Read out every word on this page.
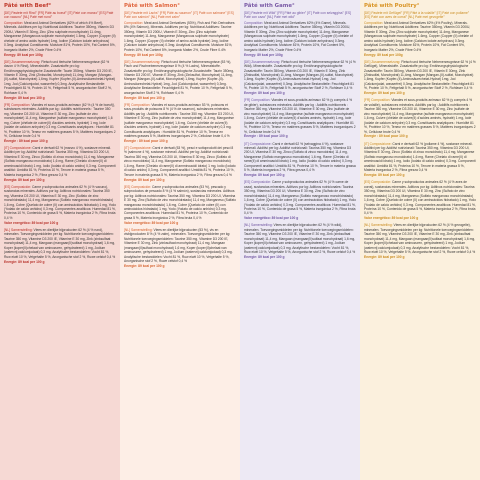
Pâté with Beef°
[DE] Pastete mit Rind° [FR] Pâté au boeuf° [IT] Patè con manzo° [ES] Paté con vacuno° [NL] Paté met rund°
Composition: Meat and Animal Derivatives (62% of which 4% Beef), Minerals. Additives per kg: Nutritional Additives: Taurine 350mg, Vitamin D3 200IU, Vitamin E 30mg, Zinc (Zinc sulphate monohydrate) 11.4mg, Manganese (Manganous sulphate monohydrate) 1.6mg, Copper (Copper (II) chelate of amino acids hydrate) 1mg, Iodine (Calcium iodate anhydrous) 0.3mg. Analytical Constituents: Moisture 81%, Protein 10%, Fat Content 5%, Inorganic Matter 2%, Crude Fibre 0.4%
Energy: 89 kcal per 100g
[DE] Zusammensetzung: Fleisch und tierische Nebenerzeugnisse (62 % davon 4 % Rind), Mineralstoffe. Zusatzstoffe pro kg: Ernährungsphysiologische Zusatzstoffe: Taurin 350mg, Vitamin D3 200 IE, Vitamin E 30mg, Zink (Zinksulfat, Monohydrat) 11,4mg, Mangan (Mangan-(II)-sulfat, Monohydrat) 1,6mg, Kupfer (Kupfer-(II)-Aminosäurechelat-Hydrat) 1mg, Jod (Calciumjodat, wasserfrei) 0,3mg. Analytische Bestandteile: Feuchtigkeit 81 %, Protein 10 %, Fettgehalt 5 %, anorganischer Stoff 2 %, Rohfaser 0,4 %
Energie: 89 kcal pro 100 g
[FR] Composition: Viandes et sous-produits animaux (62 % (4 % de boeuf)), substances minérales. Additifs par kg : Additifs nutritionnels : Taurine 350 mg, Vitamine D3 200 UI, Vitamine E 30 mg, Zinc (sulfate de zinc monohydraté) 11,4 mg, Manganèse (sulfate manganeux monohydraté) 1,6 mg, Cuivre (chélate de cuivre(II) d'acides aminés, hydraté) 1 mg, Iode (iodate de calcium anhydre) 0,3 mg. Constituants analytiques : Humidité 81 %, Protéine 10 %, Teneur en matières grasses 5 %, Matières inorganiques 2 %, Cellulose brute 0,4 %
Énergie : 89 kcal pour 100 g
[IT] Composizione: Carni e derivati 62 % (manzo 4 %), sostanze minerali. Additivi per kg: Additivi nutrizionali: Taurina 350 mg, Vitamina D3 200 UI, Vitamina E 30 mg, Zinco (Solfato di zinco monoidrato) 11,4 mg, Manganese (Solfato manganoso monoidrato) 1,6 mg, Rame (Chelato di rame(II) di amminoacidi idrato) 1 mg, Iodio (Iodato di calcio anidro) 0,3 mg. Componenti analitici: Umidità 81 %, Proteina 10 %, Tenore in materia grassa 5 %, Materia inorganica 2 %, Fibra grezza 0,4 %
Energia: 89 kcal per 100 g
[ES] Composición: Carne y subproductos animales 62 % (4 % vacuno), sustancias minerales. Aditivos por kg: Aditivos nutricionales: Taurina 350 mg, Vitamina D3 200 UI, Vitamina E 30 mg, Zinc (Sulfato de zinc monohidratado) 11,4 mg, Manganeso (Sulfato manganoso monohidratado) 1,6 mg, Cobre (Quelato de cobre (II) con aminoácidos hidratado) 1 mg, Yodo (Yodato de calcio anhidro) 0,3 mg. Componentes analíticos: Humedad 81 %, Proteína 10 %, Contenido de grasa 5 %, Materia inorgánica 2 %, Fibra bruta 0,4 %
Valor energético: 89 kcal por 100 g
[NL] Samenstelling: Vlees en dierlijke bijproducten 62 % (4 % rund), mineralen. Toevoegingsmiddelen per kg: Nutritionele toevoegingsmiddelen: Taurine 350 mg, Vitamine D3 200 IE, Vitamine E 30 mg, Zink (zinksulfaat monohydraat) 11,4 mg, Mangaan (mangaan(II)sulfaat monohydraat) 1,6 mg, Koper (koper(II)chelaat van aminozuren, gehydrateerd) 1 mg, Jodium (watervrij calciumjodaat) 0,3 mg. Analytische bestanddelen: Vocht 81 %, Ruw eiwit 10 %, Vetgehalte 5 %, Anorganische stof 2 %, Ruwe celstof 0,4 %
Energie: 89 kcal per 100 g
Pâté with Salmon°
[DE] Pastete mit Lachs° [FR] Pâté au saumon° [IT] Patè con salmone° [ES] Paté con salmón° [NL] Paté met zalm°
Composition: Meat and Animal Derivatives (53%), Fish and Fish Derivatives 8% (4% Salmon), Minerals. Additives per kg: Nutritional Additives: Taurine 350mg, Vitamin D3 200IU, Vitamin E 30mg, Zinc (Zinc sulphate monohydrate) 11.4mg, Manganese (Manganous sulphate monohydrate) 1.6mg, Copper (Copper (II) chelate of amino acids hydrate) 1mg, Iodine (Calcium iodate anhydrous) 0.3mg. Analytical Constituents: Moisture 81%, Protein 10%, Fat Content 5%, Inorganic Matter 2%, Crude Fibre 0.4%
Energy: 89 kcal per 100g
[DE] Zusammensetzung: Fleisch und tierische Nebenerzeugnisse (53 %), Fisch und Fischnebenerzeugnisse 8 % (4 % Lachs), Mineralstoffe. Zusatzstoffe pro kg: Ernährungsphysiologische Zusatzstoffe: Taurin 350mg, Vitamin D3 200 IE, Vitamin E 30mg, Zink (Zinksulfat, Monohydrat) 11,4mg, Mangan (Mangan-(II)-sulfat, Monohydrat) 1,6mg, Kupfer (Kupfer-(II)-Aminosäurechelat-Hydrat) 1mg, Jod (Calciumjodat, wasserfrei) 0,3mg. Analytische Bestandteile: Feuchtigkeit 81 %, Protein 10 %, Fettgehalt 5 %, anorganischer Stoff 2 %, Rohfaser 0,4 %
Energie: 89 kcal pro 100 g
[FR] Composition: Viandes et sous-produits animaux 53 %, poissons et sous-produits de poissons 8 % (4 % de saumon), substances minérales. Additifs par kg : Additifs nutritionnels : Taurine 350 mg, Vitamine D3 200 UI, Vitamine E 30 mg, Zinc (sulfate de zinc monohydraté) 11,4 mg, Manganèse (sulfate manganeux monohydraté) 1,6 mg, Cuivre (chélate de cuivre(II) d'acides aminés, hydraté) 1 mg, Iode (iodate de calcium anhydre) 0,3 mg. Constituants analytiques : Humidité 81 %, Protéine 10 %, Teneur en matières grasses 5 %, Matières inorganiques 2 %, Cellulose brute 0,4 %
Énergie : 89 kcal pour 100 g
[IT] Composizione: Carni e derivati (53 %), pesci e sottoprodotti dei pesci 8 % (salmone 4 %), sostanze minerali. Additivi per kg: Additivi nutrizionali: Taurina 350 mg, Vitamina D3 200 UI, Vitamina E 30 mg, Zinco (Solfato di zinco monoidrato) 11,4 mg, Manganese (Solfato manganoso monoidrato) 1,6 mg, Rame (Chelato di rame(II) di amminoacidi idrato) 1 mg, Iodio (Iodato di calcio anidro) 0,3 mg. Componenti analitici: Umidità 81 %, Proteina 10 %, Tenore in materia grassa 5 %, Materia inorganica 2 %, Fibra grezza 0,4 %
Energia: 89 kcal per 100 g
[ES] Composición: Carne y subproductos animales (53 %), pescado y subproductos de pescado 8 % (4 % salmón), sustancias minerales. Aditivos por kg: Aditivos nutricionales: Taurina 350 mg, Vitamina D3 200 UI, Vitamina E 30 mg, Zinc (Sulfato de zinc monohidratado) 11,4 mg, Manganeso (Sulfato manganoso monohidratado) 1,6 mg, Cobre (Quelato de cobre (II) con aminoácidos hidratado) 1 mg, Yodo (Yodato de calcio anhidro) 0,3 mg. Componentes analíticos: Humedad 81 %, Proteína 10 %, Contenido de grasa 5 %, Materia inorgánica 2 %, Fibra bruta 0,4 %
Valor energético: 89 kcal por 100 g
[NL] Samenstelling: Vlees en dierlijke bijproducten (53 %), vis en visbijproducten 8 % (4 % zalm), mineralen. Toevoegingsmiddelen per kg: Nutritionele toevoegingsmiddelen: Taurine 350 mg, Vitamine D3 200 IE, Vitamine E 30 mg, Zink (zinksulfaat monohydraat) 11,4 mg, Mangaan (mangaan(II)sulfaat monohydraat) 1,6 mg, Koper (koper(II)chelaat van aminozuren, gehydrateerd) 1 mg, Jodium (watervrij calciumjodaat) 0,3 mg. Analytische bestanddelen: Vocht 81 %, Ruw eiwit 10 %, Vetgehalte 5 %, Anorganische stof 2 %, Ruwe celstof 0,4 %
Energie: 89 kcal per 100 g
Pâté with Game°
[DE] Pastete mit Wild° [FR] Pâté au gibier° [IT] Patè con selvaggina° [ES] Paté con caza° [NL] Paté met wild°
Composition: Meat and Animal Derivatives 62% (4% Game), Minerals. Additives per kg: Nutritional Additives: Taurine 350mg, Vitamin D3 200IU, Vitamin E 30mg, Zinc (Zinc sulphate monohydrate) 11.4mg, Manganese (Manganous sulphate monohydrate) 1.6mg, Copper (Copper (II) chelate of amino acids hydrate) 1mg, Iodine (Calcium iodate anhydrous) 0.3mg. Analytical Constituents: Moisture 81%, Protein 10%, Fat Content 5%, Inorganic Matter 2%, Crude Fibre 0.4%
Energy: 89 kcal per 100g
[DE] Zusammensetzung: Fleisch und tierische Nebenerzeugnisse 62 % (4 % Wild), Mineralstoffe. Zusatzstoffe pro kg: Ernährungsphysiologische Zusatzstoffe: Taurin 350mg, Vitamin D3 200 IE, Vitamin E 30mg, Zink (Zinksulfat, Monohydrat) 11,4mg, Mangan (Mangan-(II)-sulfat, Monohydrat) 1,6mg, Kupfer (Kupfer-(II)-Aminosäurechelat-Hydrat) 1mg, Jod (Calciumjodat, wasserfrei) 0,3mg. Analytische Bestandteile: Feuchtigkeit 81 %, Protein 10 %, Fettgehalt 5 %, anorganischer Stoff 2 %, Rohfaser 0,4 %
Energie: 89 kcal pro 100 g
[FR] Composition: Viandes et sous-produits animaux 62 % (y compris 4 % de gibier), substances minérales. Additifs par kg : Additifs nutritionnels : Taurine 350 mg, Vitamine D3 200 UI, Vitamine E 30 mg, Zinc (sulfate de zinc monohydraté) 11,4 mg, Manganèse (sulfate manganeux monohydraté) 1,6 mg, Cuivre (chélate de cuivre(II) d'acides aminés, hydraté) 1 mg, Iode (iodate de calcium anhydre) 0,3 mg. Constituants analytiques : Humidité 81 %, Protéine 10 %, Teneur en matières grasses 5 %, Matières inorganiques 2 %, Cellulose brute 0,4 %
Énergie : 89 kcal pour 100 g
[IT] Composizione: Carni e derivati 62 % (selvaggina 4 %), sostanze minerali. Additivi per kg: Additivi nutrizionali: Taurina 350 mg, Vitamina D3 200 UI, Vitamina E 30 mg, Zinco (Solfato di zinco monoidrato) 11,4 mg, Manganese (Solfato manganoso monoidrato) 1,6 mg, Rame (Chelato di rame(II) di amminoacidi idrato) 1 mg, Iodio (Iodato di calcio anidro) 0,3 mg. Componenti analitici: Umidità 81 %, Proteina 10 %, Tenore in materia grassa 5 %, Materia inorganica 2 %, Fibra grezza 0,4 %
Energia: 89 kcal per 100 g
[ES] Composición: Carne y subproductos animales 62 % (4 % carne de caza), sustancias minerales. Aditivos por kg: Aditivos nutricionales: Taurina 350 mg, Vitamina D3 200 UI, Vitamina E 30 mg, Zinc (Sulfato de zinc monohidratado) 11,4 mg, Manganeso (Sulfato manganoso monohidratado) 1,6 mg, Cobre (Quelato de cobre (II) con aminoácidos hidratado) 1 mg, Yodo (Yodato de calcio anhidro) 0,3 mg. Componentes analíticos: Humedad 81 %, Proteína 10 %, Contenido de grasa 5 %, Materia inorgánica 2 %, Fibra bruta 0,4 %
Valor energético: 89 kcal por 100 g
[NL] Samenstelling: Vlees en dierlijke bijproducten 62 % (4 % wild), mineralen. Toevoegingsmiddelen per kg: Nutritionele toevoegingsmiddelen: Taurine 350 mg, Vitamine D3 200 IE, Vitamine E 30 mg, Zink (zinksulfaat monohydraat) 11,4 mg, Mangaan (mangaan(II)sulfaat monohydraat) 1,6 mg, Koper (koper(II)chelaat van aminozuren, gehydrateerd) 1 mg, Jodium (watervrij calciumjodaat) 0,3 mg. Analytische bestanddelen: Vocht 81 %, Ruw eiwit 10 %, Vetgehalte 5 %, Anorganische stof 2 %, Ruwe celstof 0,4 %
Energie: 89 kcal per 100 g
Pâté with Poultry°
[DE] Pastete mit Geflügel° [FR] Pâté à la volaille° [IT] Patè con pollame° [ES] Paté con aves de corral° [NL] Paté met gevogelte°
Composition: Meat and Animal Derivatives 62% (4% Poultry), Minerals. Additives per kg: Nutritional Additives: Taurine 350mg, Vitamin D3 200IU, Vitamin E 30mg, Zinc (Zinc sulphate monohydrate) 11.4mg, Manganese (Manganous sulphate monohydrate) 1.6mg, Copper (Copper (II) chelate of amino acids hydrate) 1mg, Iodine (Calcium iodate anhydrous) 0.3mg. Analytical Constituents: Moisture 81%, Protein 10%, Fat Content 5%, Inorganic Matter 2%, Crude Fibre 0.4%
Energy: 89 kcal per 100g
[DE] Zusammensetzung: Fleisch und tierische Nebenerzeugnisse 62 % (4 % Geflügel), Mineralstoffe. Zusatzstoffe pro kg: Ernährungsphysiologische Zusatzstoffe: Taurin 350mg, Vitamin D3 200 IE, Vitamin E 30mg, Zink (Zinksulfat, Monohydrat) 11,4mg, Mangan (Mangan-(II)-sulfat, Monohydrat) 1,6mg, Kupfer (Kupfer-(II)-Aminosäurechelat-Hydrat) 1mg, Jod (Calciumjodat, wasserfrei) 0,3mg. Analytische Bestandteile: Feuchtigkeit 81 %, Protein 10 %, Fettgehalt 5 %, anorganischer Stoff 2 %, Rohfaser 0,4 %
Energie: 89 kcal pro 100 g
[FR] Composition: Viandes et sous-produits animaux 62 % (y compris 4 % de volaille), substances minérales. Additifs par kg : Additifs nutritionnels : Taurine 350 mg, Vitamine D3 200 UI, Vitamine E 30 mg, Zinc (sulfate de zinc monohydraté) 11,4 mg, Manganèse (sulfate manganeux monohydraté) 1,6 mg, Cuivre (chélate de cuivre(II) d'acides aminés, hydraté) 1 mg, Iode (iodate de calcium anhydre) 0,3 mg. Constituants analytiques : Humidité 81 %, Protéine 10 %, Teneur en matières grasses 5 %, Matières inorganiques 2 %, Cellulose brute 0,4 %
Énergie : 89 kcal pour 100 g
[IT] Composizione: Carni e derivati 62 % (pollame 4 %), sostanze minerali. Additivi per kg: Additivi nutrizionali: Taurina 350 mg, Vitamina D3 200 UI, Vitamina E 30 mg, Zinco (Solfato di zinco monoidrato) 11,4 mg, Manganese (Solfato manganoso monoidrato) 1,6 mg, Rame (Chelato di rame(II) di amminoacidi idrato) 1 mg, Iodio (Iodato di calcio anidro) 0,3 mg. Componenti analitici: Umidità 81 %, Proteina 10 %, Tenore in materia grassa 5 %, Materia inorganica 2 %, Fibra grezza 0,4 %
Energia: 89 kcal per 100 g
[ES] Composición: Carne y subproductos animales 62 % (4 % aves de corral), sustancias minerales. Aditivos por kg: Aditivos nutricionales: Taurina 350 mg, Vitamina D3 200 UI, Vitamina E 30 mg, Zinc (Sulfato de zinc monohidratado) 11,4 mg, Manganeso (Sulfato manganoso monohidratado) 1,6 mg, Cobre (Quelato de cobre (II) con aminoácidos hidratado) 1 mg, Yodo (Yodato de calcio anhidro) 0,3 mg. Componentes analíticos: Humedad 81 %, Proteína 10 %, Contenido de grasa 5 %, Materia inorgánica 2 %, Fibra bruta 0,4 %
Valor energético: 89 kcal por 100 g
[NL] Samenstelling: Vlees en dierlijke bijproducten 62 % (4 % gevogelte), mineralen. Toevoegingsmiddelen per kg: Nutritionele toevoegingsmiddelen: Taurine 350 mg, Vitamine D3 200 IE, Vitamine E 30 mg, Zink (zinksulfaat monohydraat) 11,4 mg, Mangaan (mangaan(II)sulfaat monohydraat) 1,6 mg, Koper (koper(II)chelaat van aminozuren, gehydrateerd) 1 mg, Jodium (watervrij calciumjodaat) 0,3 mg. Analytische bestanddelen: Vocht 81 %, Ruw eiwit 10 %, Vetgehalte 5 %, Anorganische stof 2 %, Ruwe celstof 0,4 %
Energie: 89 kcal per 100 g
